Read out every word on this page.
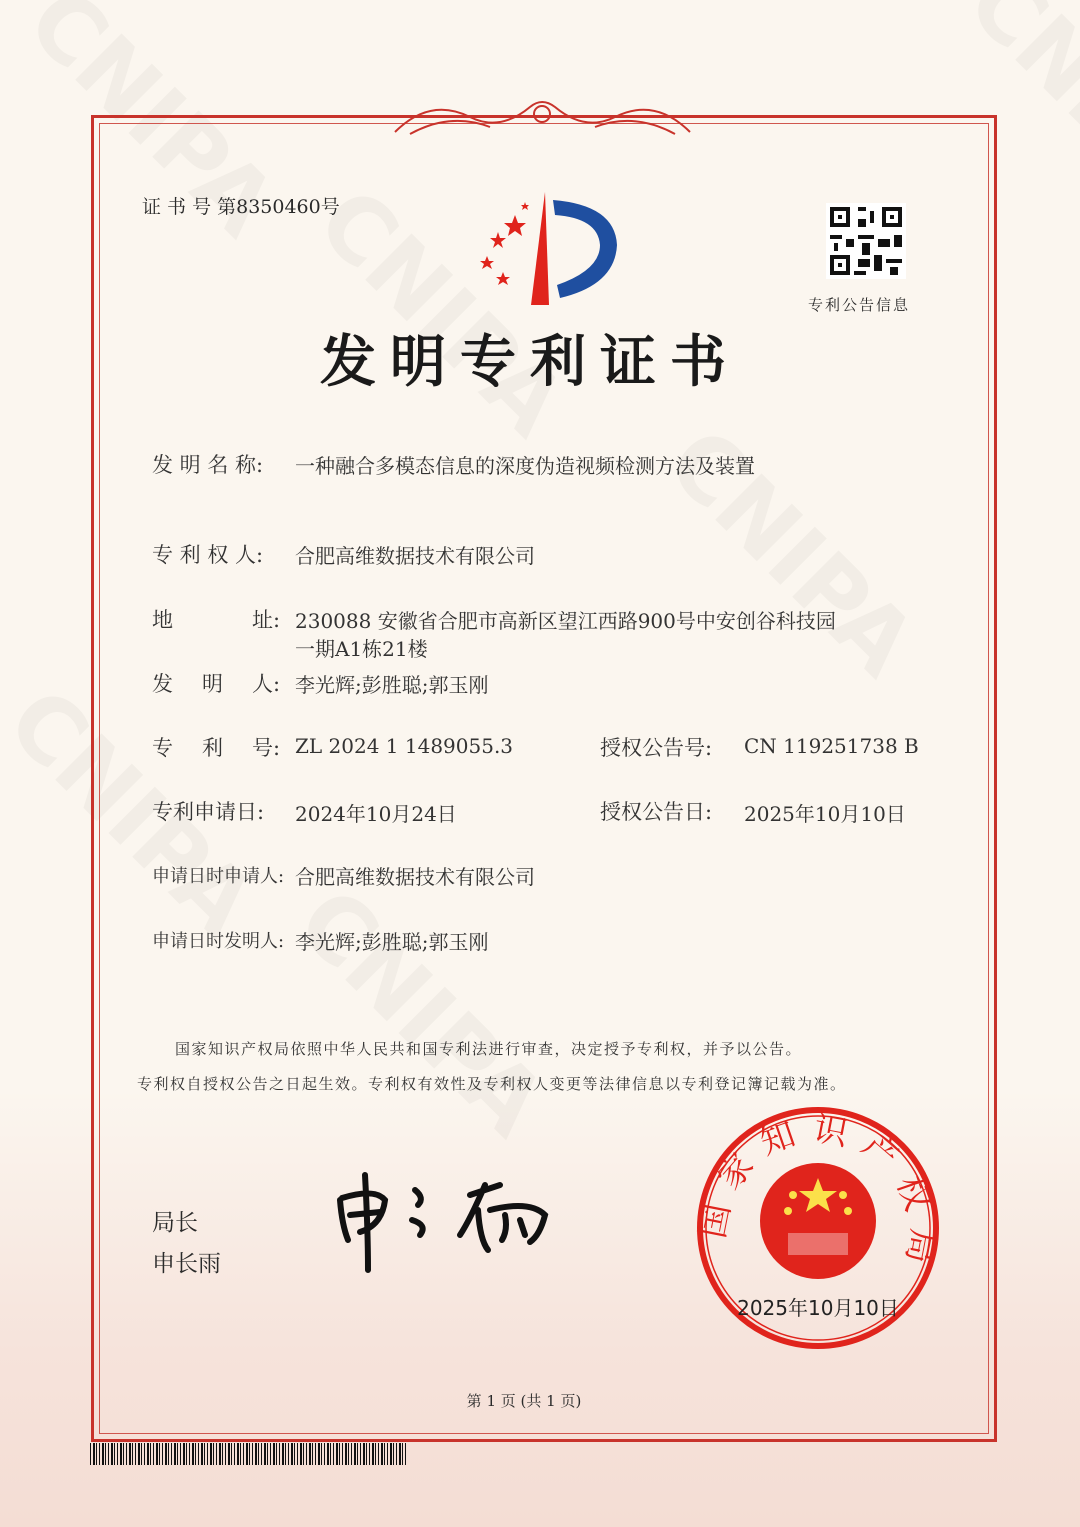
证 书 号 第8350460号
专利公告信息
发明专利证书
发 明 名 称: 一种融合多模态信息的深度伪造视频检测方法及装置
专 利 权 人: 合肥高维数据技术有限公司
地	址: 230088 安徽省合肥市高新区望江西路900号中安创谷科技园
一期A1栋21楼
发 明 人: 李光辉;彭胜聪;郭玉刚
专 利 号: ZL 2024 1 1489055.3	授权公告号: CN 119251738 B
专利申请日: 2024年10月24日	授权公告日: 2025年10月10日
申请日时申请人: 合肥高维数据技术有限公司
申请日时发明人: 李光辉;彭胜聪;郭玉刚
国家知识产权局依照中华人民共和国专利法进行审查，决定授予专利权，并予以公告。
专利权自授权公告之日起生效。专利权有效性及专利权人变更等法律信息以专利登记簿记载为准。
局长
申长雨
国家知识产权局
2025年10月10日
第 1 页 (共 1 页)
